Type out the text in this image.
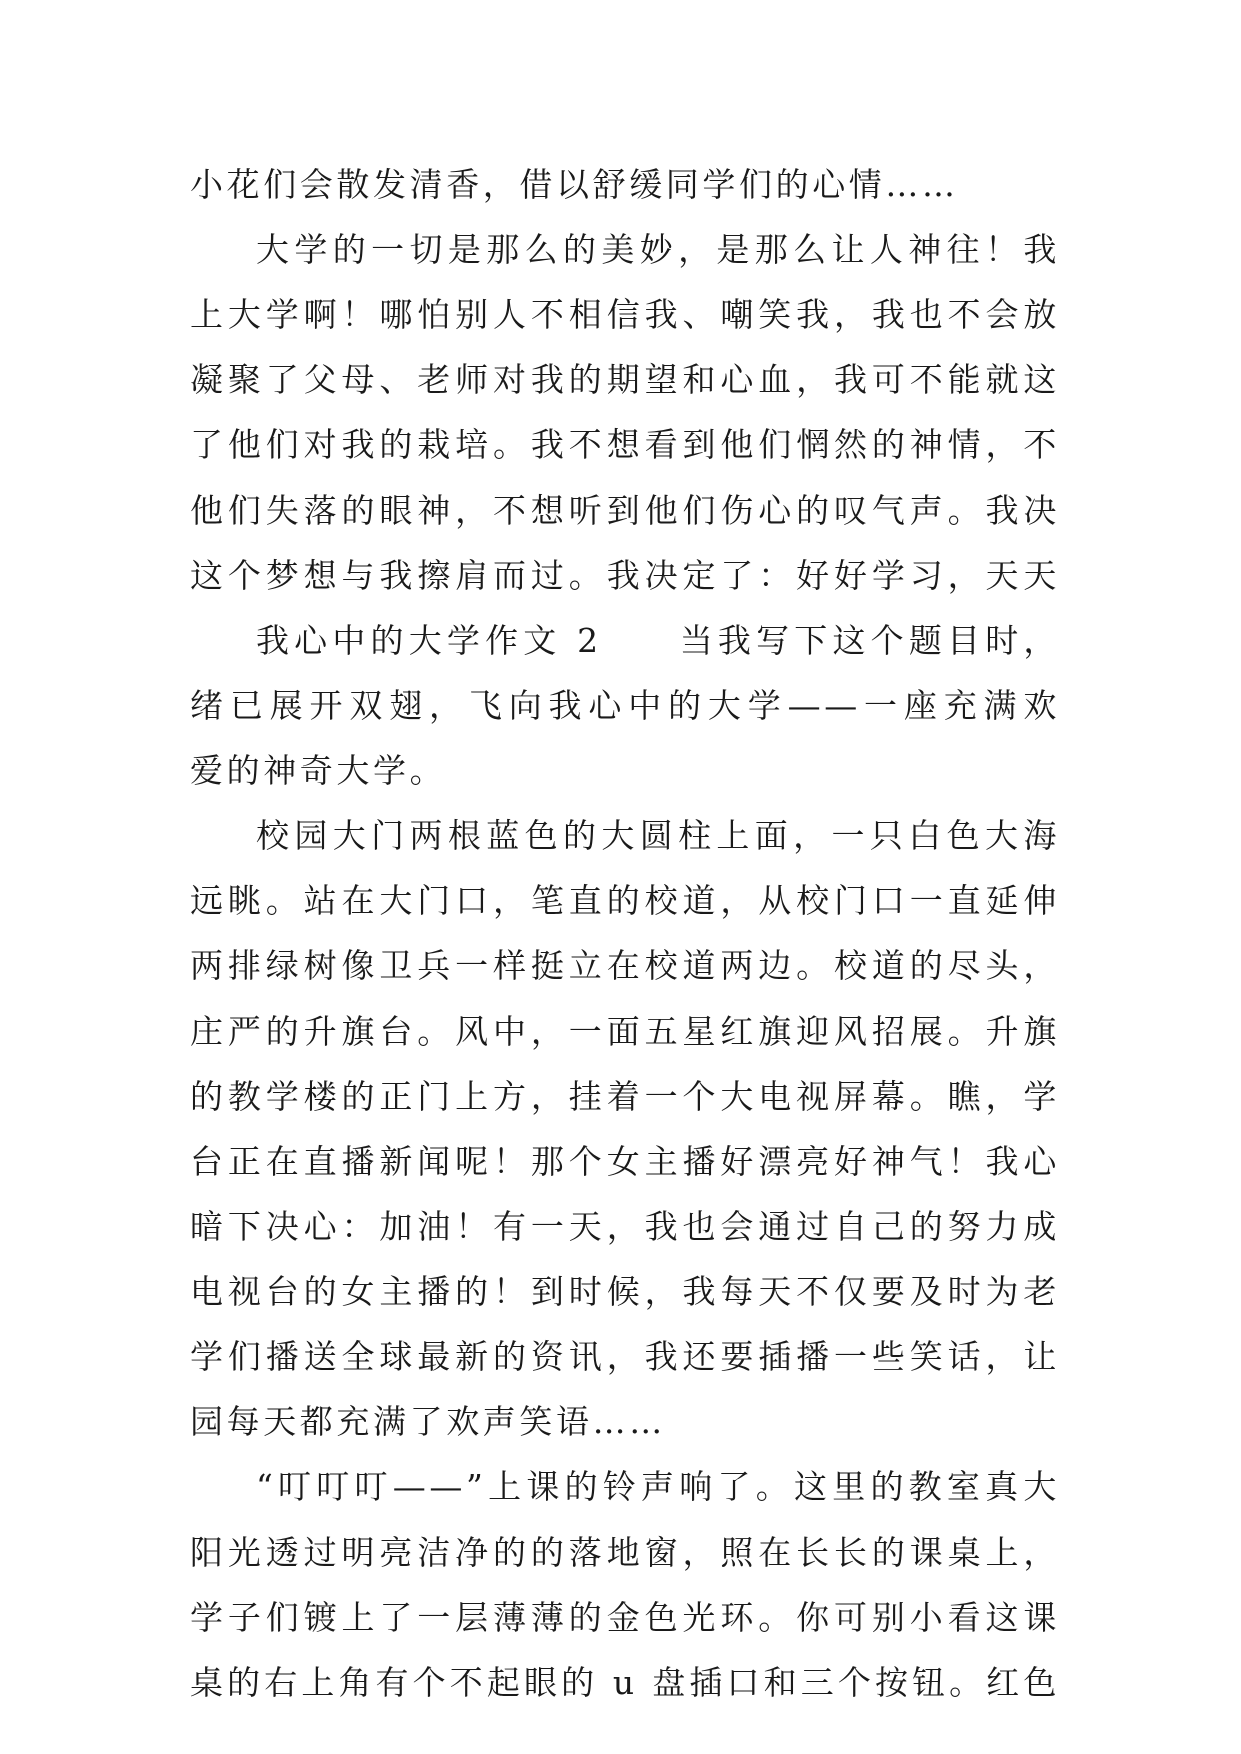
小花们会散发清香，借以舒缓同学们的心情……
大学的一切是那么的美妙，是那么让人神往！我
上大学啊！哪怕别人不相信我、嘲笑我，我也不会放
凝聚了父母、老师对我的期望和心血，我可不能就这
了他们对我的栽培。我不想看到他们惘然的神情，不
他们失落的眼神，不想听到他们伤心的叹气声。我决
这个梦想与我擦肩而过。我决定了：好好学习，天天
我心中的大学作文 2　　当我写下这个题目时，
绪已展开双翅，飞向我心中的大学——一座充满欢
爱的神奇大学。
校园大门两根蓝色的大圆柱上面，一只白色大海
远眺。站在大门口，笔直的校道，从校门口一直延伸
两排绿树像卫兵一样挺立在校道两边。校道的尽头，
庄严的升旗台。风中，一面五星红旗迎风招展。升旗
的教学楼的正门上方，挂着一个大电视屏幕。瞧，学
台正在直播新闻呢！那个女主播好漂亮好神气！我心
暗下决心：加油！有一天，我也会通过自己的努力成
电视台的女主播的！到时候，我每天不仅要及时为老
学们播送全球最新的资讯，我还要插播一些笑话，让
园每天都充满了欢声笑语……
“叮叮叮——”上课的铃声响了。这里的教室真大
阳光透过明亮洁净的的落地窗，照在长长的课桌上，
学子们镀上了一层薄薄的金色光环。你可别小看这课
桌的右上角有个不起眼的 u 盘插口和三个按钮。红色
